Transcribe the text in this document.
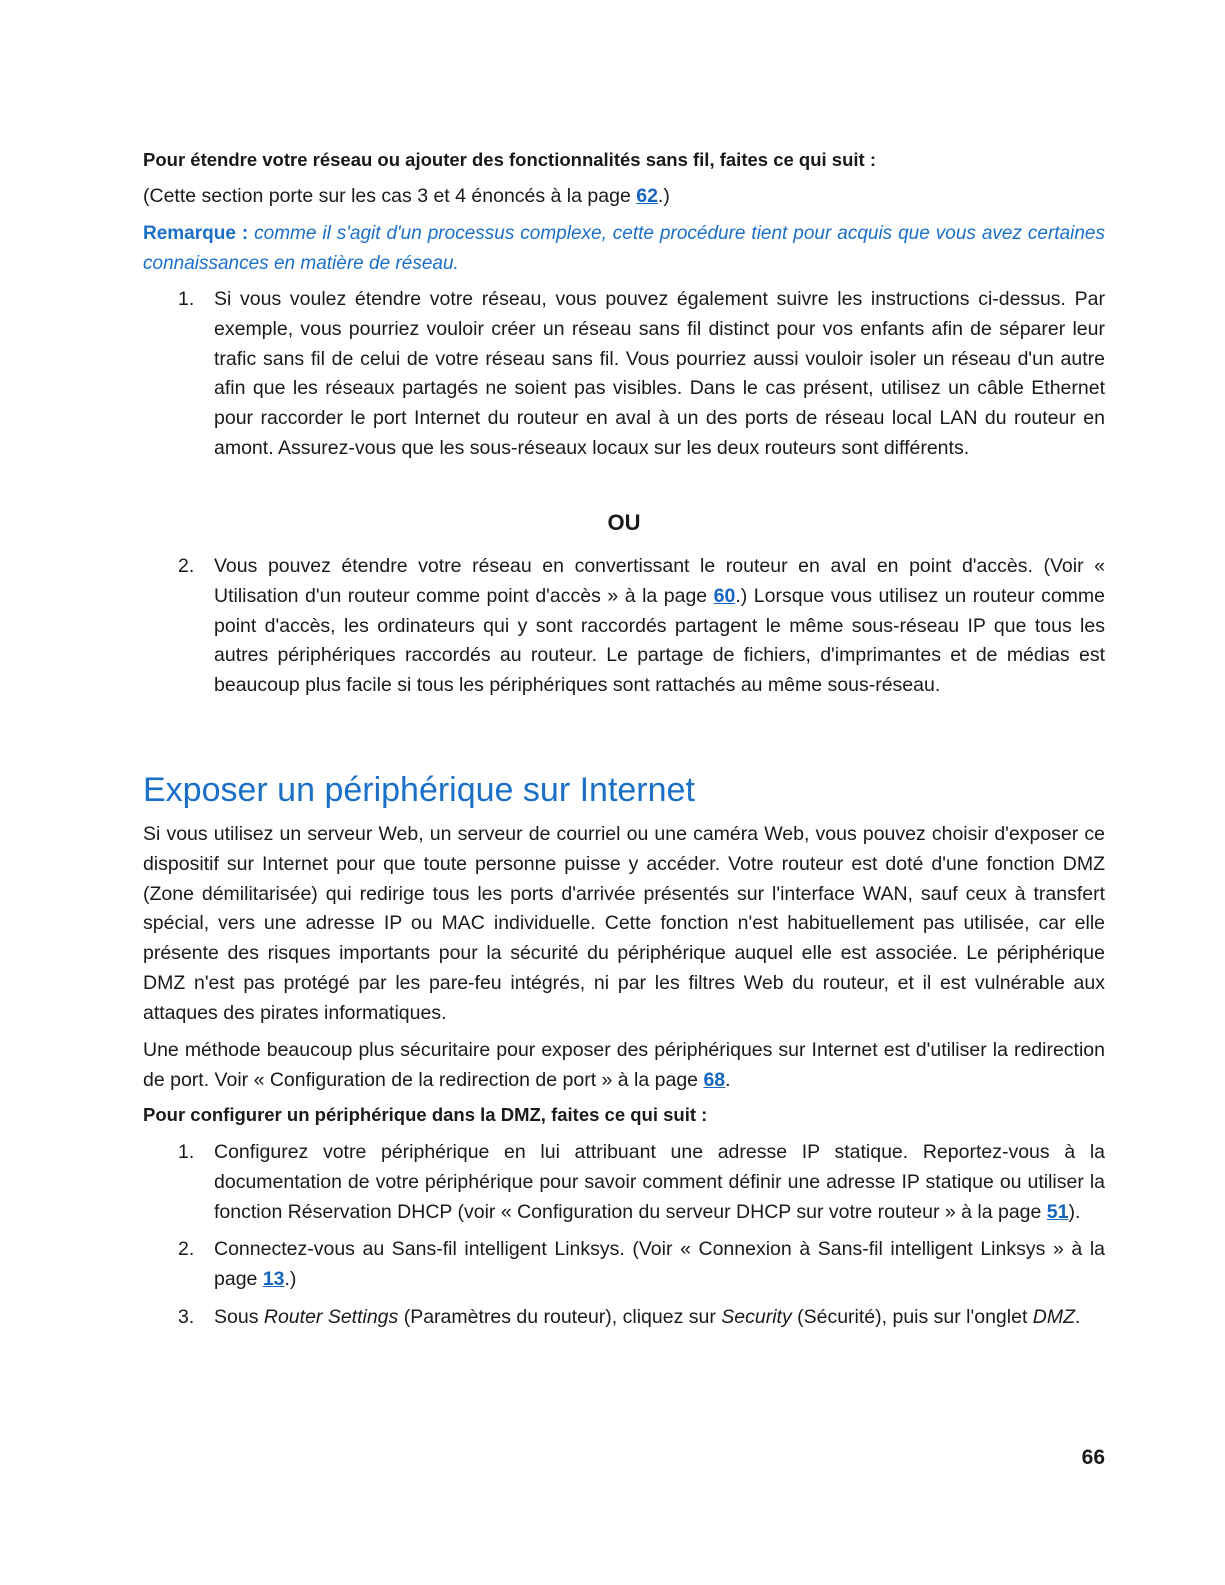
Pour étendre votre réseau ou ajouter des fonctionnalités sans fil, faites ce qui suit :

(Cette section porte sur les cas 3 et 4 énoncés à la page 62.)

Remarque : comme il s'agit d'un processus complexe, cette procédure tient pour acquis que vous avez certaines connaissances en matière de réseau.
1. Si vous voulez étendre votre réseau, vous pouvez également suivre les instructions ci-dessus. Par exemple, vous pourriez vouloir créer un réseau sans fil distinct pour vos enfants afin de séparer leur trafic sans fil de celui de votre réseau sans fil. Vous pourriez aussi vouloir isoler un réseau d'un autre afin que les réseaux partagés ne soient pas visibles. Dans le cas présent, utilisez un câble Ethernet pour raccorder le port Internet du routeur en aval à un des ports de réseau local LAN du routeur en amont. Assurez-vous que les sous-réseaux locaux sur les deux routeurs sont différents.

OU
2. Vous pouvez étendre votre réseau en convertissant le routeur en aval en point d'accès. (Voir « Utilisation d'un routeur comme point d'accès » à la page 60.) Lorsque vous utilisez un routeur comme point d'accès, les ordinateurs qui y sont raccordés partagent le même sous-réseau IP que tous les autres périphériques raccordés au routeur. Le partage de fichiers, d'imprimantes et de médias est beaucoup plus facile si tous les périphériques sont rattachés au même sous-réseau.

Exposer un périphérique sur Internet

Si vous utilisez un serveur Web, un serveur de courriel ou une caméra Web, vous pouvez choisir d'exposer ce dispositif sur Internet pour que toute personne puisse y accéder. Votre routeur est doté d'une fonction DMZ (Zone démilitarisée) qui redirige tous les ports d'arrivée présentés sur l'interface WAN, sauf ceux à transfert spécial, vers une adresse IP ou MAC individuelle. Cette fonction n'est habituellement pas utilisée, car elle présente des risques importants pour la sécurité du périphérique auquel elle est associée. Le périphérique DMZ n'est pas protégé par les pare-feu intégrés, ni par les filtres Web du routeur, et il est vulnérable aux attaques des pirates informatiques.

Une méthode beaucoup plus sécuritaire pour exposer des périphériques sur Internet est d'utiliser la redirection de port. Voir « Configuration de la redirection de port » à la page 68.

Pour configurer un périphérique dans la DMZ, faites ce qui suit :
1. Configurez votre périphérique en lui attribuant une adresse IP statique. Reportez-vous à la documentation de votre périphérique pour savoir comment définir une adresse IP statique ou utiliser la fonction Réservation DHCP (voir « Configuration du serveur DHCP sur votre routeur » à la page 51).

2. Connectez-vous au Sans-fil intelligent Linksys. (Voir « Connexion à Sans-fil intelligent Linksys » à la page 13.)

3. Sous Router Settings (Paramètres du routeur), cliquez sur Security (Sécurité), puis sur l'onglet DMZ.

66
